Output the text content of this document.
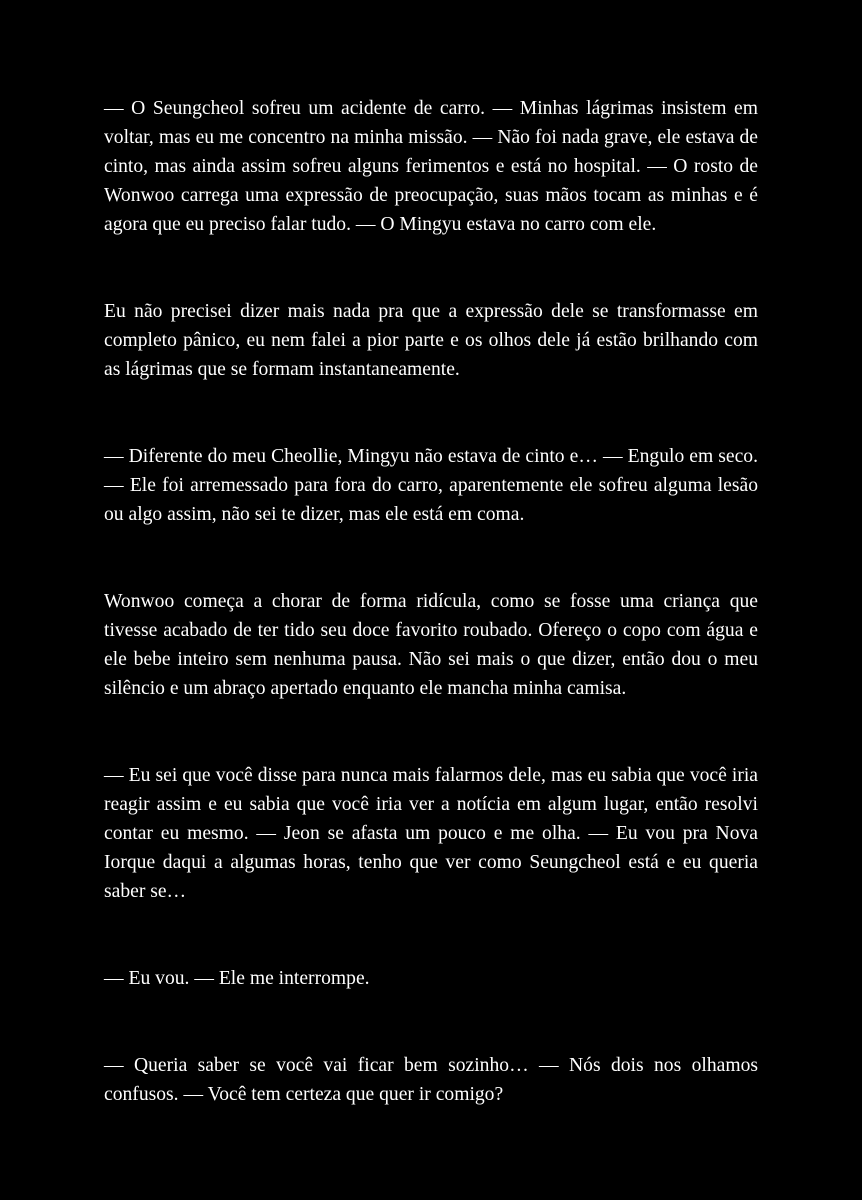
— O Seungcheol sofreu um acidente de carro. — Minhas lágrimas insistem em voltar, mas eu me concentro na minha missão. — Não foi nada grave, ele estava de cinto, mas ainda assim sofreu alguns ferimentos e está no hospital. — O rosto de Wonwoo carrega uma expressão de preocupação, suas mãos tocam as minhas e é agora que eu preciso falar tudo. — O Mingyu estava no carro com ele.

Eu não precisei dizer mais nada pra que a expressão dele se transformasse em completo pânico, eu nem falei a pior parte e os olhos dele já estão brilhando com as lágrimas que se formam instantaneamente.

— Diferente do meu Cheollie, Mingyu não estava de cinto e… — Engulo em seco. — Ele foi arremessado para fora do carro, aparentemente ele sofreu alguma lesão ou algo assim, não sei te dizer, mas ele está em coma.

Wonwoo começa a chorar de forma ridícula, como se fosse uma criança que tivesse acabado de ter tido seu doce favorito roubado. Ofereço o copo com água e ele bebe inteiro sem nenhuma pausa. Não sei mais o que dizer, então dou o meu silêncio e um abraço apertado enquanto ele mancha minha camisa.

— Eu sei que você disse para nunca mais falarmos dele, mas eu sabia que você iria reagir assim e eu sabia que você iria ver a notícia em algum lugar, então resolvi contar eu mesmo. — Jeon se afasta um pouco e me olha. — Eu vou pra Nova Iorque daqui a algumas horas, tenho que ver como Seungcheol está e eu queria saber se…

— Eu vou. — Ele me interrompe.

— Queria saber se você vai ficar bem sozinho… — Nós dois nos olhamos confusos. — Você tem certeza que quer ir comigo?
